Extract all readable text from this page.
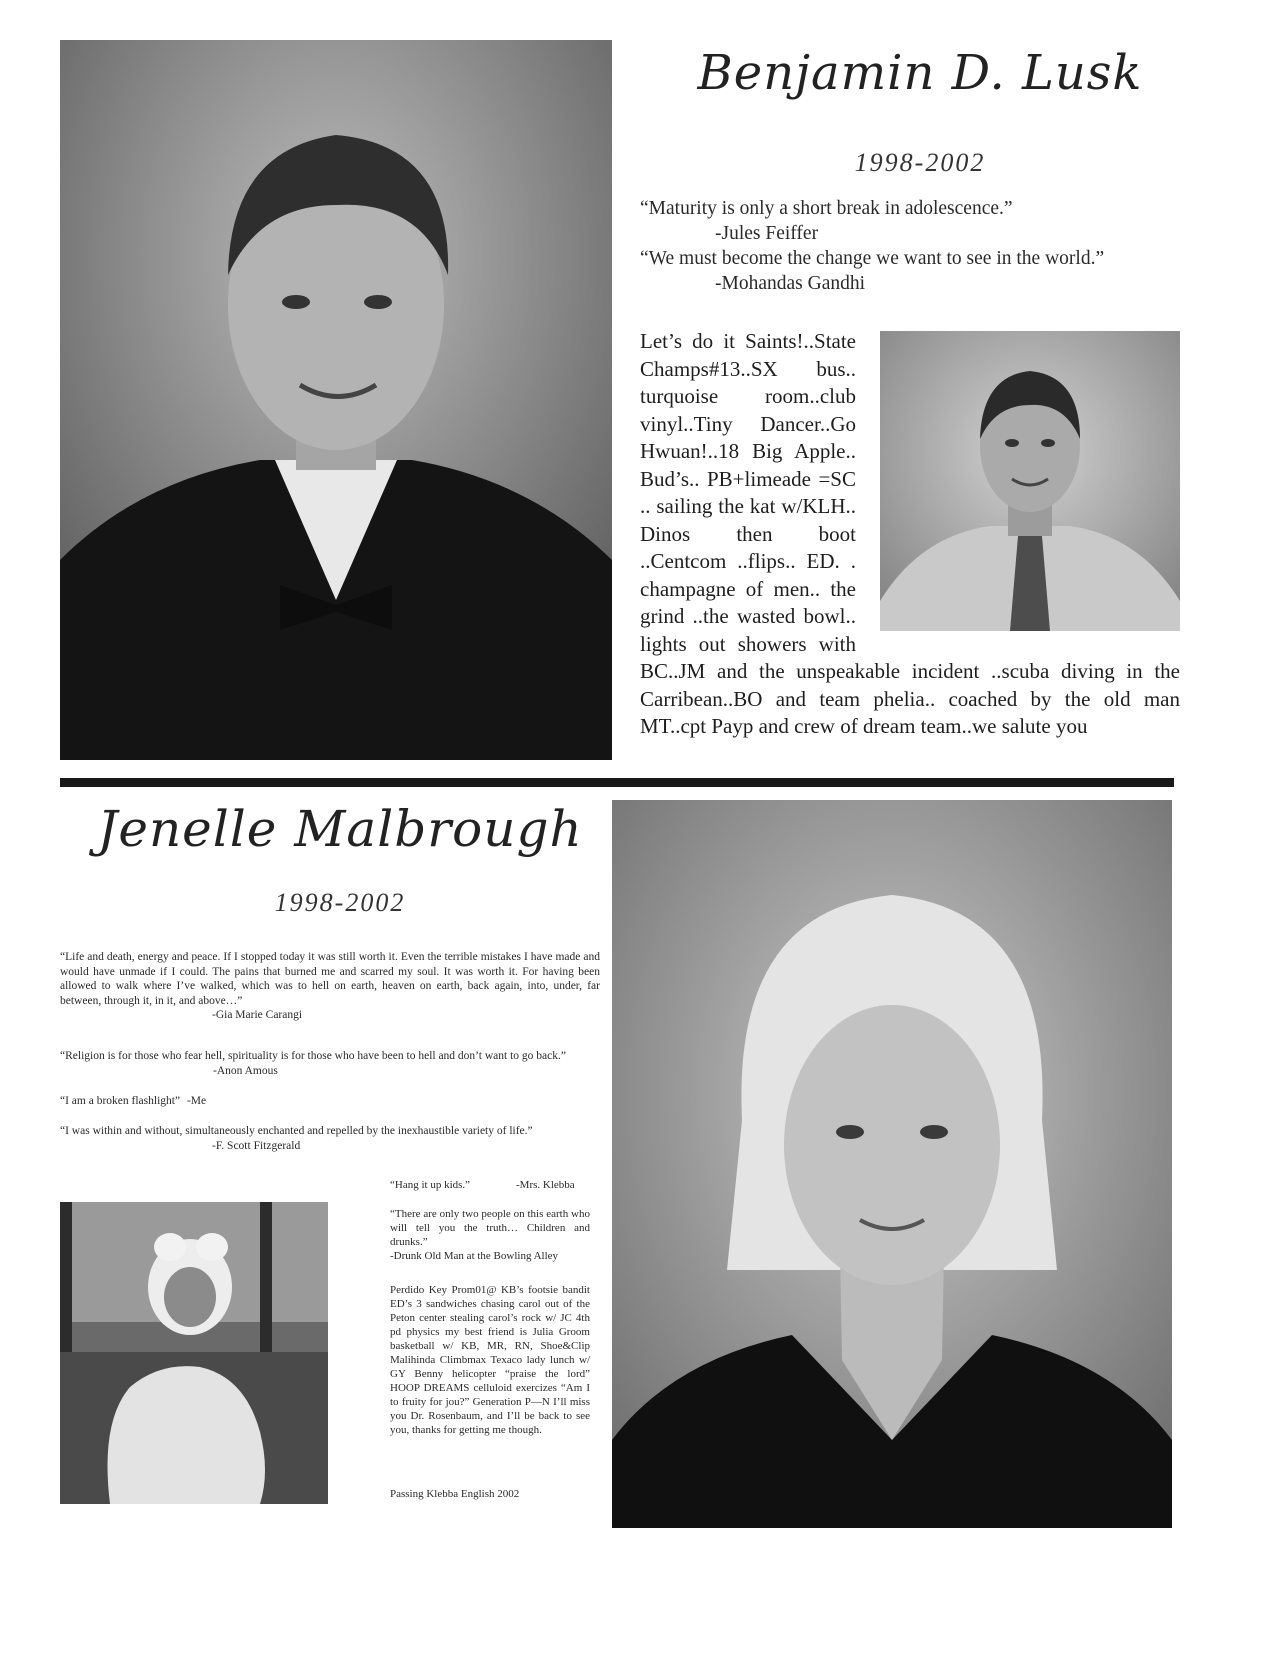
Benjamin D. Lusk
1998-2002
“Maturity is only a short break in adolescence.”
-Jules Feiffer
“We must become the change we want to see in the world.”
-Mohandas Gandhi
Let’s do it Saints!..State Champs#13..SX bus.. turquoise room..club vinyl..Tiny Dancer..Go Hwuan!..18 Big Apple.. Bud’s.. PB+limeade =SC .. sailing the kat w/KLH.. Dinos then boot ..Centcom ..flips.. ED. . champagne of men.. the grind ..the wasted bowl.. lights out showers with BC..JM and the unspeakable incident ..scuba diving in the Carribean..BO and team phelia.. coached by the old man MT..cpt Payp and crew of dream team..we salute you
Jenelle Malbrough
1998-2002
“Life and death, energy and peace. If I stopped today it was still worth it. Even the terrible mistakes I have made and would have unmade if I could. The pains that burned me and scarred my soul. It was worth it. For having been allowed to walk where I’ve walked, which was to hell on earth, heaven on earth, back again, into, under, far between, through it, in it, and above…”
-Gia Marie Carangi
“Religion is for those who fear hell, spirituality is for those who have been to hell and don’t want to go back.”
-Anon Amous
“I am a broken flashlight” -Me
“I was within and without, simultaneously enchanted and repelled by the inexhaustible variety of life.”
-F. Scott Fitzgerald
“Hang it up kids.”	-Mrs. Klebba
“There are only two people on this earth who will tell you the truth… Children and drunks.”
-Drunk Old Man at the Bowling Alley
Perdido Key Prom01@ KB’s footsie bandit ED’s 3 sandwiches chasing carol out of the Peton center stealing carol’s rock w/ JC 4th pd physics my best friend is Julia Groom basketball w/ KB, MR, RN, Shoe&Clip Malihinda Climbmax Texaco lady lunch w/ GY Benny helicopter “praise the lord” HOOP DREAMS celluloid exercizes “Am I to fruity for jou?” Generation P—N I’ll miss you Dr. Rosenbaum, and I’ll be back to see you, thanks for getting me though.
Passing Klebba English 2002
